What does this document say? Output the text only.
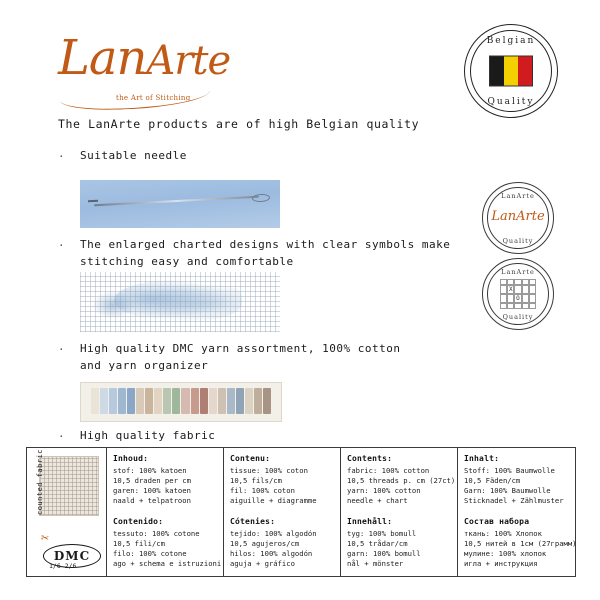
LanArte
the Art of Stitching
Belgian
Quality
LanArte
LanArte
Quality
LanArte
X
O
Quality
The LanArte products are of high Belgian quality
· Suitable needle
· The enlarged charted designs with clear symbols make stitching easy and comfortable
· High quality DMC yarn assortment, 100% cotton and yarn organizer
· High quality fabric
counted fabric
✂
DMC
1/6 2/6
Inhoud:
stof: 100% katoen
10,5 draden per cm
garen: 100% katoen
naald + telpatroon
Contenido:
tessuto: 100% cotone
10,5 fili/cm
filo: 100% cotone
ago + schema e istruzioni
Contenu:
tissue: 100% coton
10,5 fils/cm
fil: 100% coton
aiguille + diagramme
Cótenies:
tejido: 100% algodón
10,5 agujeros/cm
hilos: 100% algodón
aguja + gráfico
Contents:
fabric: 100% cotton
10,5 threads p. cm (27ct)
yarn: 100% cotton
needle + chart
Innehåll:
tyg: 100% bomull
10,5 trådar/cm
garn: 100% bomull
nål + mönster
Inhalt:
Stoff: 100% Baumwolle
10,5 Fäden/cm
Garn: 100% Baumwolle
Sticknadel + Zählmuster
Состав набора
ткань: 100% Хлопок
10,5 нитей в 1см (27грамм)
мулине: 100% хлопок
игла + инструкция
